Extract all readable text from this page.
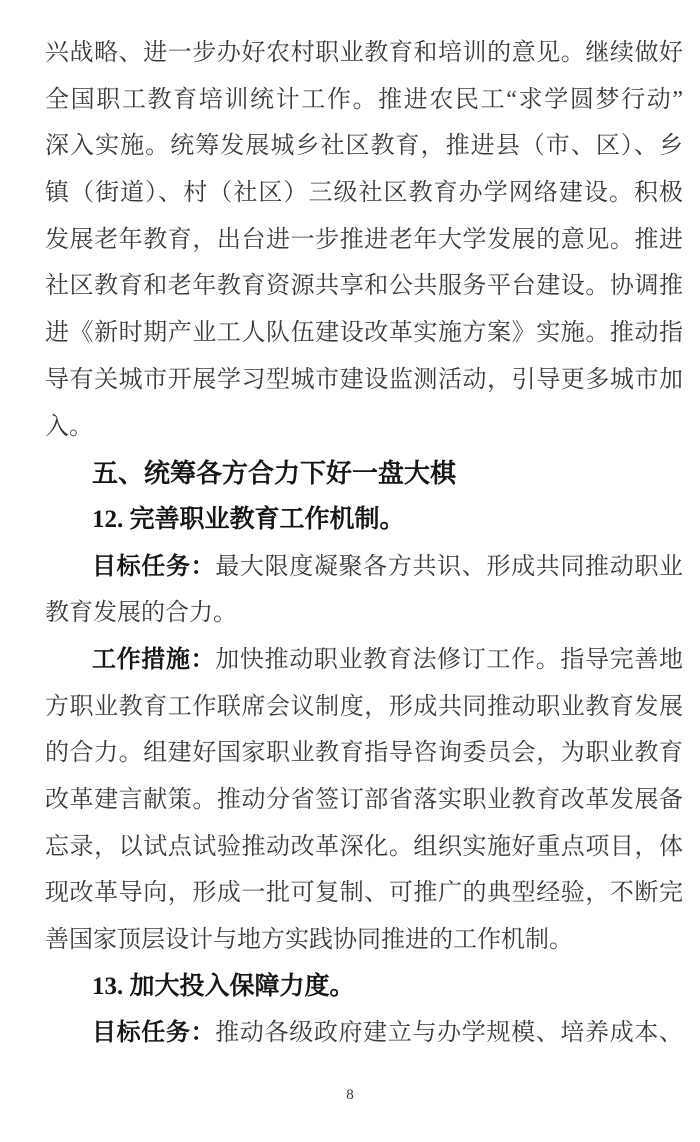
兴战略、进一步办好农村职业教育和培训的意见。继续做好
全国职工教育培训统计工作。推进农民工“求学圆梦行动”
深入实施。统筹发展城乡社区教育，推进县（市、区）、乡
镇（街道）、村（社区）三级社区教育办学网络建设。积极
发展老年教育，出台进一步推进老年大学发展的意见。推进
社区教育和老年教育资源共享和公共服务平台建设。协调推
进《新时期产业工人队伍建设改革实施方案》实施。推动指
导有关城市开展学习型城市建设监测活动，引导更多城市加
入。
五、统筹各方合力下好一盘大棋
12. 完善职业教育工作机制。
目标任务：最大限度凝聚各方共识、形成共同推动职业
教育发展的合力。
工作措施：加快推动职业教育法修订工作。指导完善地
方职业教育工作联席会议制度，形成共同推动职业教育发展
的合力。组建好国家职业教育指导咨询委员会，为职业教育
改革建言献策。推动分省签订部省落实职业教育改革发展备
忘录，以试点试验推动改革深化。组织实施好重点项目，体
现改革导向，形成一批可复制、可推广的典型经验，不断完
善国家顶层设计与地方实践协同推进的工作机制。
13. 加大投入保障力度。
目标任务：推动各级政府建立与办学规模、培养成本、
8
